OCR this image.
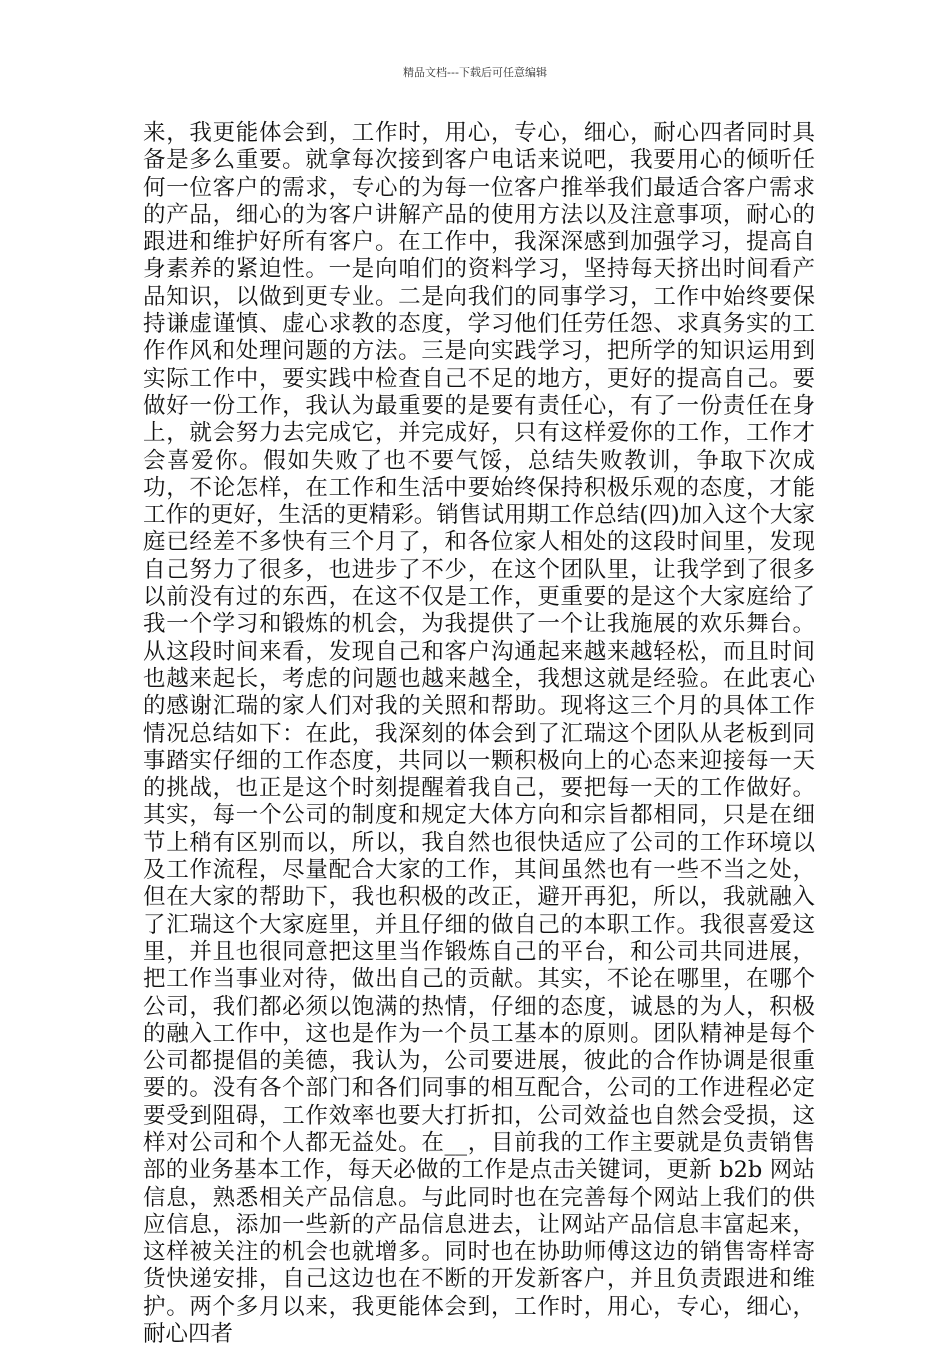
精品文档---下载后可任意编辑

来，我更能体会到，工作时，用心，专心，细心，耐心四者同时具备是多么重要。就拿每次接到客户电话来说吧，我要用心的倾听任何一位客户的需求，专心的为每一位客户推举我们最适合客户需求的产品，细心的为客户讲解产品的使用方法以及注意事项，耐心的跟进和维护好所有客户。在工作中，我深深感到加强学习，提高自身素养的紧迫性。一是向咱们的资料学习，坚持每天挤出时间看产品知识，以做到更专业。二是向我们的同事学习，工作中始终要保持谦虚谨慎、虚心求教的态度，学习他们任劳任怨、求真务实的工作作风和处理问题的方法。三是向实践学习，把所学的知识运用到实际工作中，要实践中检查自己不足的地方，更好的提高自己。要做好一份工作，我认为最重要的是要有责任心，有了一份责任在身上，就会努力去完成它，并完成好，只有这样爱你的工作，工作才会喜爱你。假如失败了也不要气馁，总结失败教训，争取下次成功，不论怎样，在工作和生活中要始终保持积极乐观的态度，才能工作的更好，生活的更精彩。销售试用期工作总结(四)加入这个大家庭已经差不多快有三个月了，和各位家人相处的这段时间里，发现自己努力了很多，也进步了不少，在这个团队里，让我学到了很多以前没有过的东西，在这不仅是工作，更重要的是这个大家庭给了我一个学习和锻炼的机会，为我提供了一个让我施展的欢乐舞台。从这段时间来看，发现自己和客户沟通起来越来越轻松，而且时间也越来起长，考虑的问题也越来越全，我想这就是经验。在此衷心的感谢汇瑞的家人们对我的关照和帮助。现将这三个月的具体工作情况总结如下：在此，我深刻的体会到了汇瑞这个团队从老板到同事踏实仔细的工作态度，共同以一颗积极向上的心态来迎接每一天的挑战，也正是这个时刻提醒着我自己，要把每一天的工作做好。其实，每一个公司的制度和规定大体方向和宗旨都相同，只是在细节上稍有区别而以，所以，我自然也很快适应了公司的工作环境以及工作流程，尽量配合大家的工作，其间虽然也有一些不当之处，但在大家的帮助下，我也积极的改正，避开再犯，所以，我就融入了汇瑞这个大家庭里，并且仔细的做自己的本职工作。我很喜爱这里，并且也很同意把这里当作锻炼自己的平台，和公司共同进展，把工作当事业对待，做出自己的贡献。其实，不论在哪里，在哪个公司，我们都必须以饱满的热情，仔细的态度，诚恳的为人，积极的融入工作中，这也是作为一个员工基本的原则。团队精神是每个公司都提倡的美德，我认为，公司要进展，彼此的合作协调是很重要的。没有各个部门和各们同事的相互配合，公司的工作进程必定要受到阻碍，工作效率也要大打折扣，公司效益也自然会受损，这样对公司和个人都无益处。在__，目前我的工作主要就是负责销售部的业务基本工作，每天必做的工作是点击关键词，更新 b2b 网站信息，熟悉相关产品信息。与此同时也在完善每个网站上我们的供应信息，添加一些新的产品信息进去，让网站产品信息丰富起来，这样被关注的机会也就增多。同时也在协助师傅这边的销售寄样寄货快递安排，自己这边也在不断的开发新客户，并且负责跟进和维护。两个多月以来，我更能体会到，工作时，用心，专心，细心，耐心四者
